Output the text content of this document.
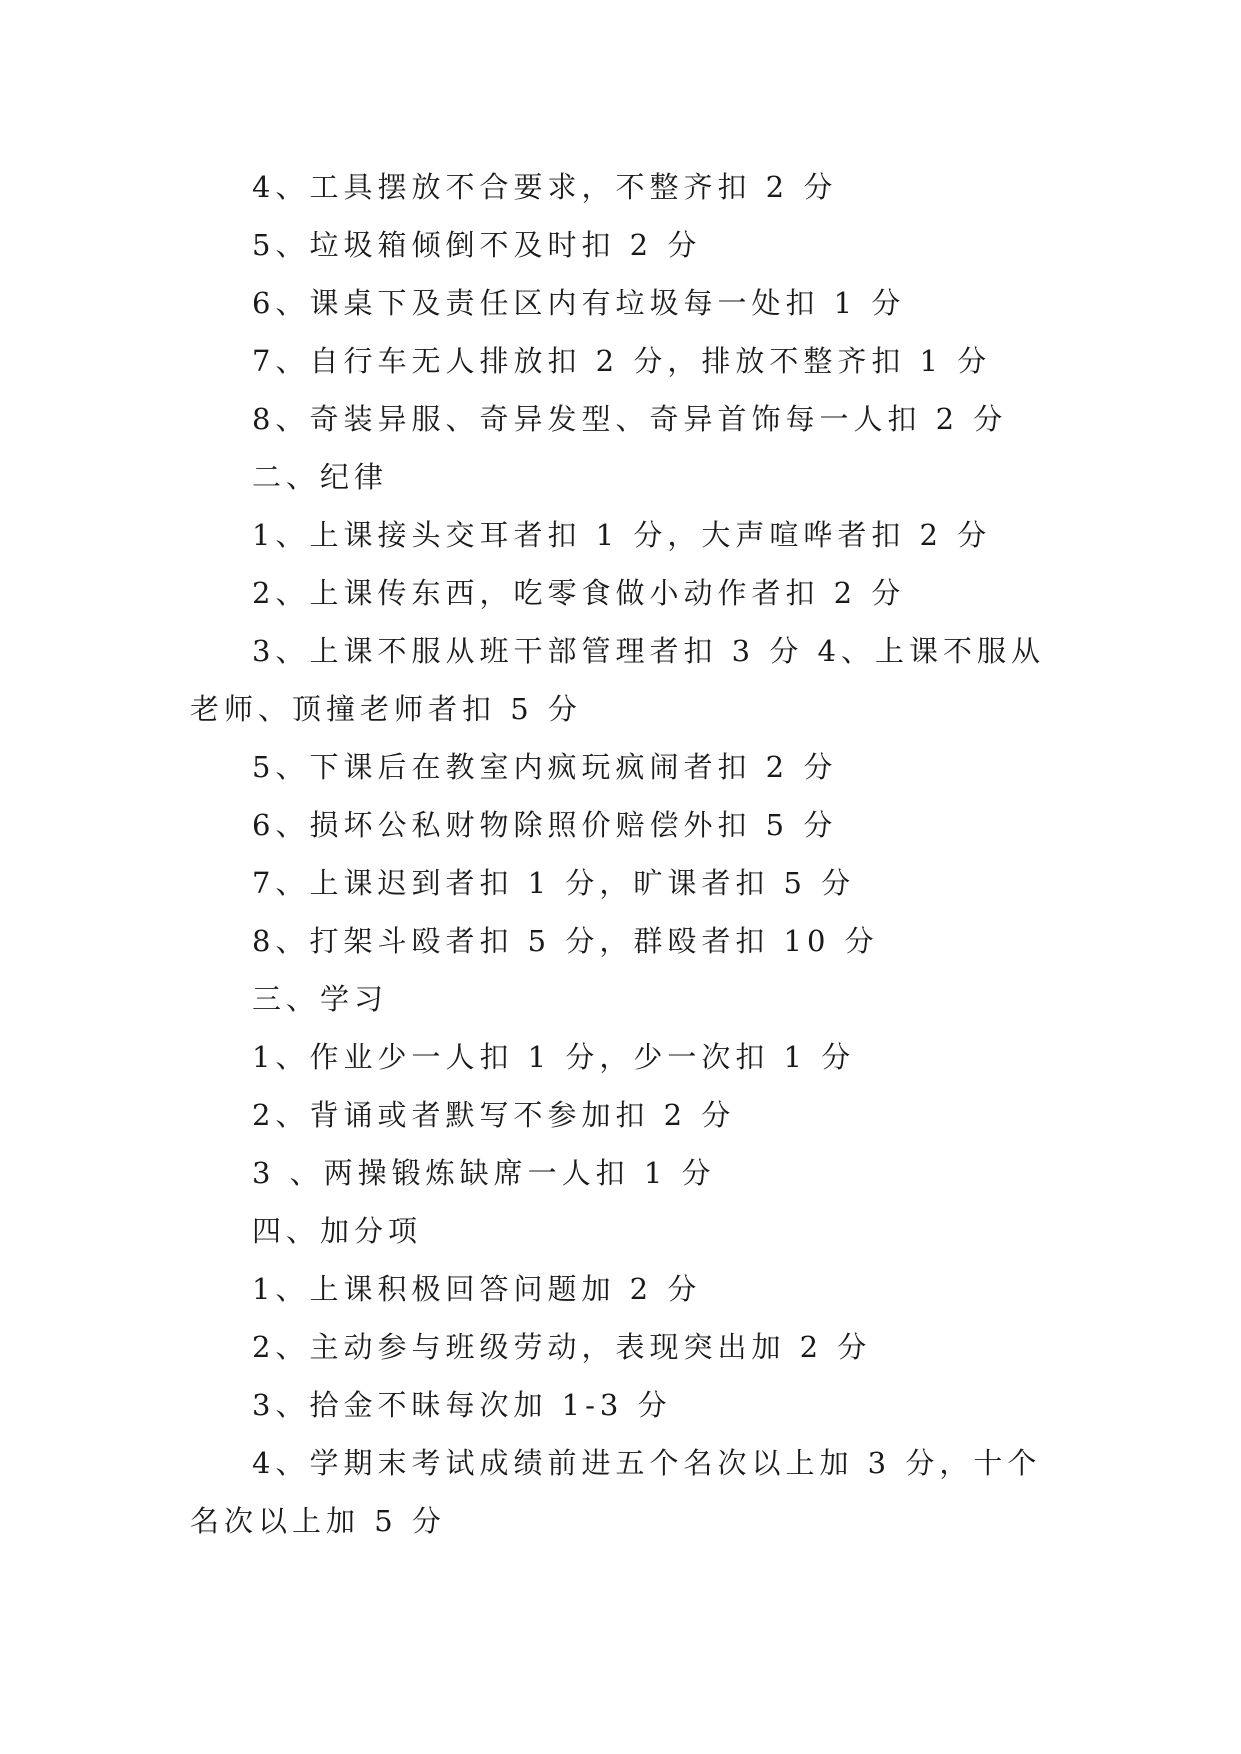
4、工具摆放不合要求，不整齐扣 2 分

5、垃圾箱倾倒不及时扣 2 分

6、课桌下及责任区内有垃圾每一处扣 1 分

7、自行车无人排放扣 2 分，排放不整齐扣 1 分

8、奇装异服、奇异发型、奇异首饰每一人扣 2 分

二、纪律

1、上课接头交耳者扣 1 分，大声喧哗者扣 2 分

2、上课传东西，吃零食做小动作者扣 2 分

3、上课不服从班干部管理者扣 3 分 4、上课不服从老师、顶撞老师者扣 5 分

5、下课后在教室内疯玩疯闹者扣 2 分

6、损坏公私财物除照价赔偿外扣 5 分

7、上课迟到者扣 1 分，旷课者扣 5 分

8、打架斗殴者扣 5 分，群殴者扣 10 分

三、学习

1、作业少一人扣 1 分，少一次扣 1 分

2、背诵或者默写不参加扣 2 分

3 、两操锻炼缺席一人扣 1 分

四、加分项

1、上课积极回答问题加 2 分

2、主动参与班级劳动，表现突出加 2 分

3、拾金不昧每次加 1-3 分

4、学期末考试成绩前进五个名次以上加 3 分，十个名次以上加 5 分
